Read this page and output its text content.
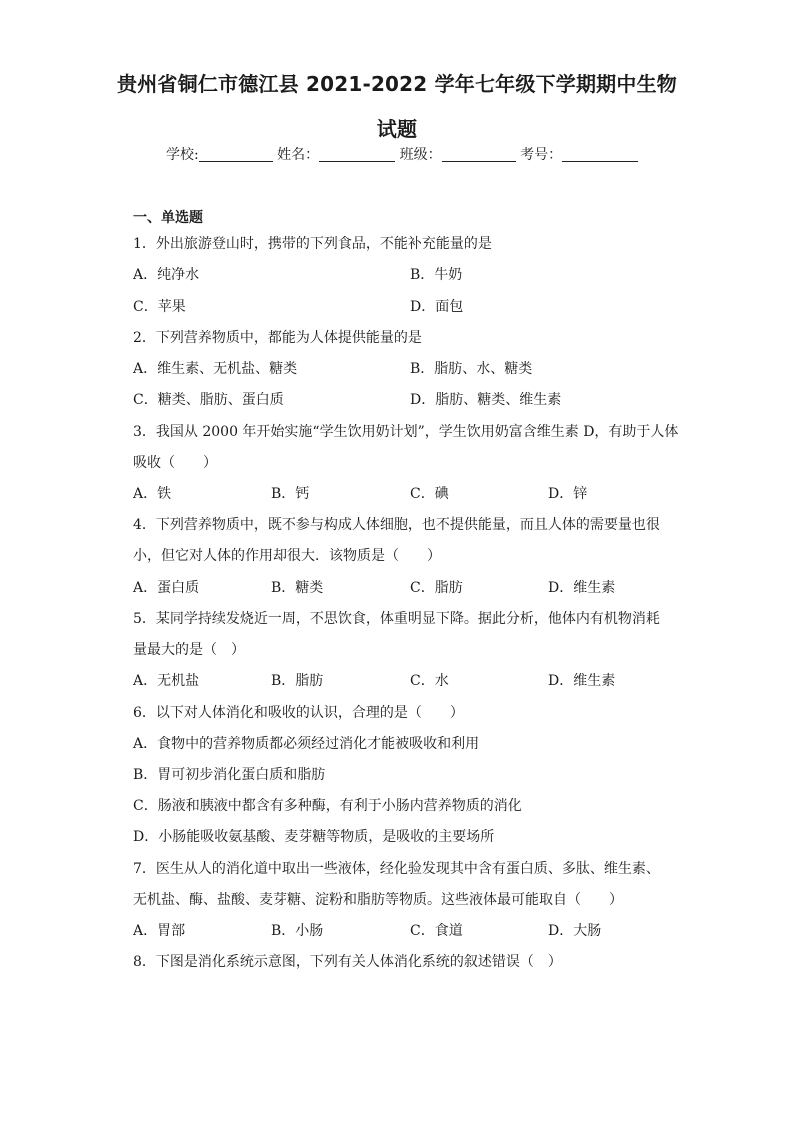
贵州省铜仁市德江县 2021-2022 学年七年级下学期期中生物
试题
学校:	姓名：	班级：	考号：
一、单选题
1．外出旅游登山时，携带的下列食品，不能补充能量的是
A．纯净水	B．牛奶
C．苹果	D．面包
2．下列营养物质中，都能为人体提供能量的是
A．维生素、无机盐、糖类	B．脂肪、水、糖类
C．糖类、脂肪、蛋白质	D．脂肪、糖类、维生素
3．我国从 2000 年开始实施“学生饮用奶计划”，学生饮用奶富含维生素 D，有助于人体
吸收（　　）
A．铁	B．钙	C．碘	D．锌
4．下列营养物质中，既不参与构成人体细胞，也不提供能量，而且人体的需要量也很
小，但它对人体的作用却很大．该物质是（　　）
A．蛋白质	B．糖类	C．脂肪	D．维生素
5．某同学持续发烧近一周，不思饮食，体重明显下降。据此分析，他体内有机物消耗
量最大的是（　）
A．无机盐	B．脂肪	C．水	D．维生素
6．以下对人体消化和吸收的认识，合理的是（　　）
A．食物中的营养物质都必须经过消化才能被吸收和利用
B．胃可初步消化蛋白质和脂肪
C．肠液和胰液中都含有多种酶，有利于小肠内营养物质的消化
D．小肠能吸收氨基酸、麦芽糖等物质，是吸收的主要场所
7．医生从人的消化道中取出一些液体，经化验发现其中含有蛋白质、多肽、维生素、
无机盐、酶、盐酸、麦芽糖、淀粉和脂肪等物质。这些液体最可能取自（　　）
A．胃部	B．小肠	C．食道	D．大肠
8．下图是消化系统示意图，下列有关人体消化系统的叙述错误（　）
